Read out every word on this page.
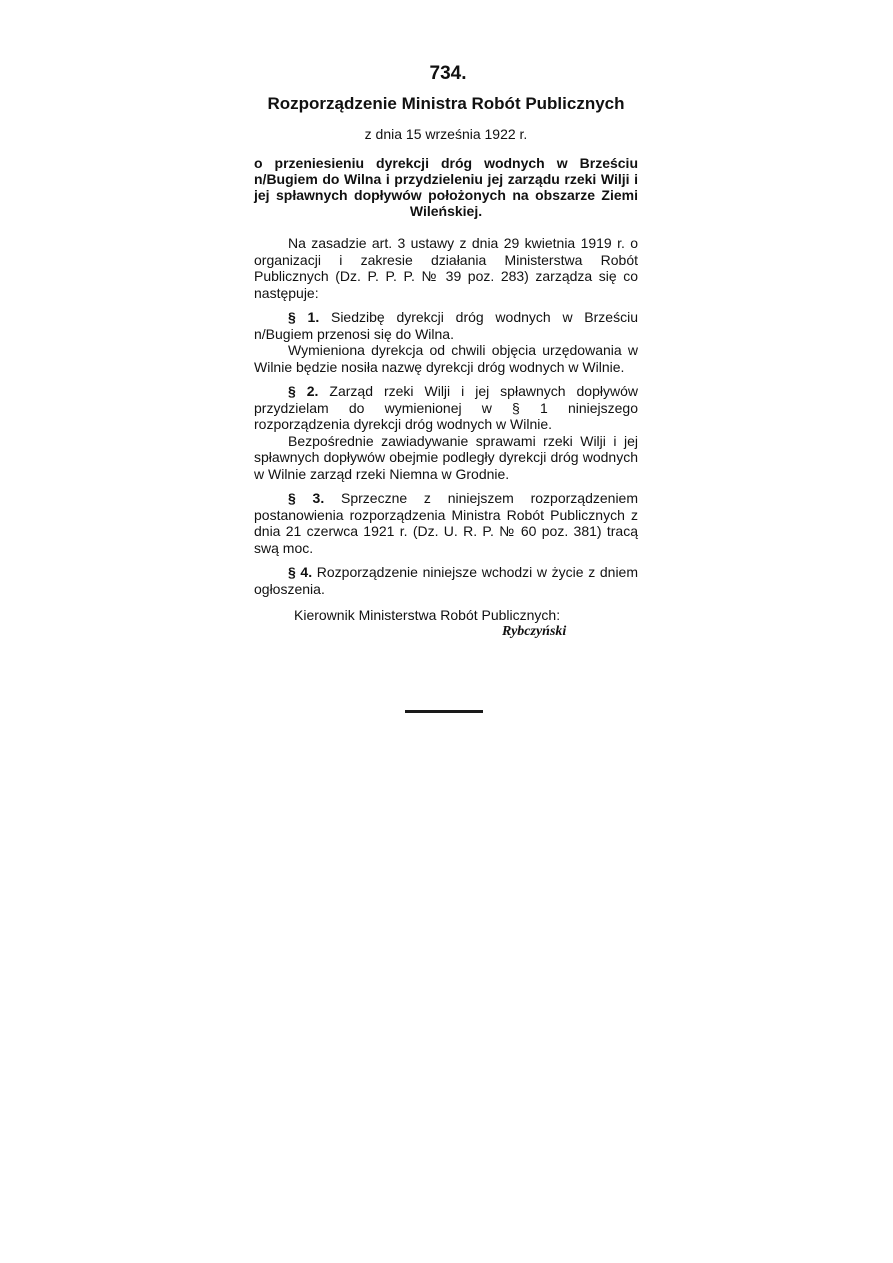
734.
Rozporządzenie Ministra Robót Publicznych
z dnia 15 września 1922 r.
o przeniesieniu dyrekcji dróg wodnych w Brześciu n/Bugiem do Wilna i przydzieleniu jej zarządu rzeki Wilji i jej spławnych dopływów położonych na obszarze Ziemi Wileńskiej.

Na zasadzie art. 3 ustawy z dnia 29 kwietnia 1919 r. o organizacji i zakresie działania Ministerstwa Robót Publicznych (Dz. P. P. P. № 39 poz. 283) zarządza się co następuje:

§ 1. Siedzibę dyrekcji dróg wodnych w Brześciu n/Bugiem przenosi się do Wilna.

Wymieniona dyrekcja od chwili objęcia urzędowania w Wilnie będzie nosiła nazwę dyrekcji dróg wodnych w Wilnie.

§ 2. Zarząd rzeki Wilji i jej spławnych dopływów przydzielam do wymienionej w § 1 niniejszego rozporządzenia dyrekcji dróg wodnych w Wilnie.

Bezpośrednie zawiadywanie sprawami rzeki Wilji i jej spławnych dopływów obejmie podległy dyrekcji dróg wodnych w Wilnie zarząd rzeki Niemna w Grodnie.

§ 3. Sprzeczne z niniejszem rozporządzeniem postanowienia rozporządzenia Ministra Robót Publicznych z dnia 21 czerwca 1921 r. (Dz. U. R. P. № 60 poz. 381) tracą swą moc.

§ 4. Rozporządzenie niniejsze wchodzi w życie z dniem ogłoszenia.

Kierownik Ministerstwa Robót Publicznych:

Rybczyński
